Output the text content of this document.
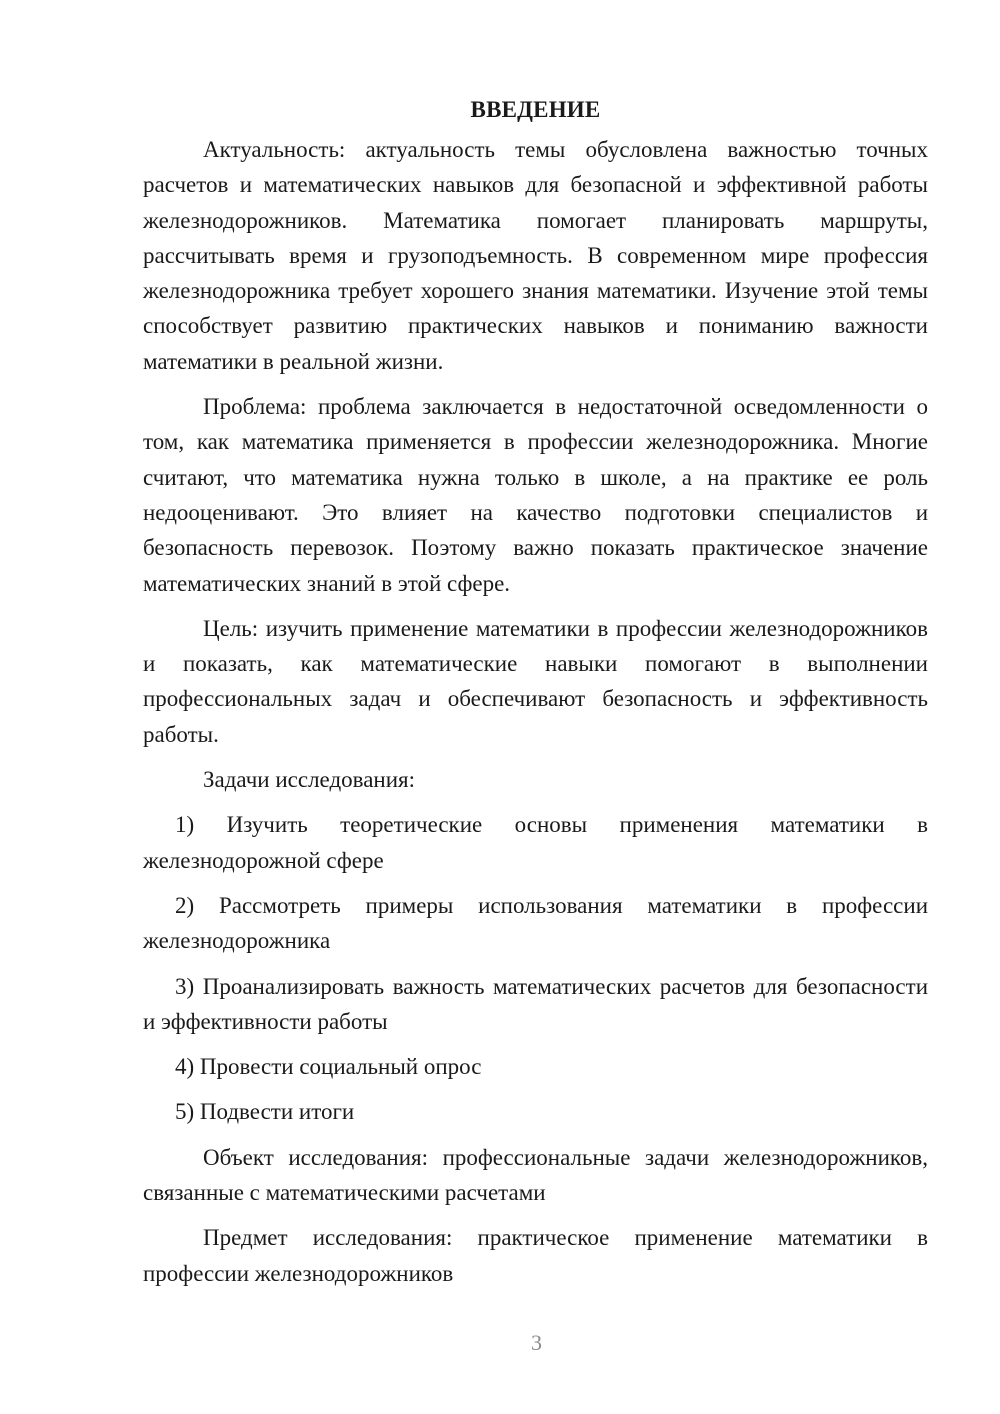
ВВЕДЕНИЕ

Актуальность: актуальность темы обусловлена важностью точных расчетов и математических навыков для безопасной и эффективной работы железнодорожников. Математика помогает планировать маршруты, рассчитывать время и грузоподъемность. В современном мире профессия железнодорожника требует хорошего знания математики. Изучение этой темы способствует развитию практических навыков и пониманию важности математики в реальной жизни.

Проблема: проблема заключается в недостаточной осведомленности о том, как математика применяется в профессии железнодорожника. Многие считают, что математика нужна только в школе, а на практике ее роль недооценивают. Это влияет на качество подготовки специалистов и безопасность перевозок. Поэтому важно показать практическое значение математических знаний в этой сфере.

Цель: изучить применение математики в профессии железнодорожников и показать, как математические навыки помогают в выполнении профессиональных задач и обеспечивают безопасность и эффективность работы.

Задачи исследования:

1) Изучить теоретические основы применения математики в железнодорожной сфере

2) Рассмотреть примеры использования математики в профессии железнодорожника

3) Проанализировать важность математических расчетов для безопасности и эффективности работы

4) Провести социальный опрос

5) Подвести итоги

Объект исследования: профессиональные задачи железнодорожников, связанные с математическими расчетами

Предмет исследования: практическое применение математики в профессии железнодорожников

3
